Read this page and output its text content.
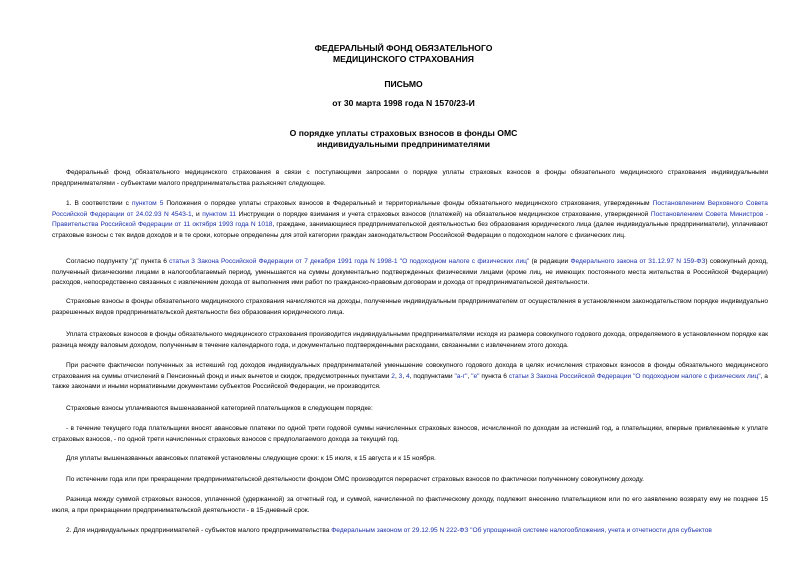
ФЕДЕРАЛЬНЫЙ ФОНД ОБЯЗАТЕЛЬНОГО

МЕДИЦИНСКОГО СТРАХОВАНИЯ

ПИСЬМО

от 30 марта 1998 года N 1570/23-И

О порядке уплаты страховых взносов в фонды ОМС

индивидуальными предпринимателями

Федеральный фонд обязательного медицинского страхования в связи с поступающими запросами о порядке уплаты страховых взносов в фонды обязательного медицинского страхования индивидуальными предпринимателями - субъектами малого предпринимательства разъясняет следующее.

1. В соответствии с пунктом 5 Положения о порядке уплаты страховых взносов в Федеральный и территориальные фонды обязательного медицинского страхования, утвержденным Постановлением Верховного Совета Российской Федерации от 24.02.93 N 4543-1, и пунктом 11 Инструкции о порядке взимания и учета страховых взносов (платежей) на обязательное медицинское страхование, утвержденной Постановлением Совета Министров - Правительства Российской Федерации от 11 октября 1993 года N 1018, граждане, занимающиеся предпринимательской деятельностью без образования юридического лица (далее индивидуальные предприниматели), уплачивают страховые взносы с тех видов доходов и в те сроки, которые определены для этой категории граждан законодательством Российской Федерации о подоходном налоге с физических лиц.

Согласно подпункту "д" пункта 6 статьи 3 Закона Российской Федерации от 7 декабря 1991 года N 1998-1 "О подоходном налоге с физических лиц" (в редакции Федерального закона от 31.12.97 N 159-ФЗ) совокупный доход, полученный физическими лицами в налогооблагаемый период, уменьшается на суммы документально подтвержденных физическими лицами (кроме лиц, не имеющих постоянного места жительства в Российской Федерации) расходов, непосредственно связанных с извлечением дохода от выполнения ими работ по гражданско-правовым договорам и дохода от предпринимательской деятельности.

Страховые взносы в фонды обязательного медицинского страхования начисляются на доходы, полученные индивидуальным предпринимателем от осуществления в установленном законодательством порядке индивидуально разрешенных видов предпринимательской деятельности без образования юридического лица.

Уплата страховых взносов в фонды обязательного медицинского страхования производится индивидуальными предпринимателями исходя из размера совокупного годового дохода, определяемого в установленном порядке как разница между валовым доходом, полученным в течение календарного года, и документально подтвержденными расходами, связанными с извлечением этого дохода.

При расчете фактически полученных за истекший год доходов индивидуальных предпринимателей уменьшение совокупного годового дохода в целях исчисления страховых взносов в фонды обязательного медицинского страхования на суммы отчислений в Пенсионный фонд и иных вычетов и скидок, предусмотренных пунктами 2, 3, 4, подпунктами "а-г", "е" пункта 6 статьи 3 Закона Российской Федерации "О подоходном налоге с физических лиц", а также законами и иными нормативными документами субъектов Российской Федерации, не производится.

Страховые взносы уплачиваются вышеназванной категорией плательщиков в следующем порядке:

- в течение текущего года плательщики вносят авансовые платежи по одной трети годовой суммы начисленных страховых взносов, исчисленной по доходам за истекший год, а плательщики, впервые привлекаемые к уплате страховых взносов, - по одной трети начисленных страховых взносов с предполагаемого дохода за текущий год.

Для уплаты вышеназванных авансовых платежей установлены следующие сроки: к 15 июля, к 15 августа и к 15 ноября.

По истечении года или при прекращении предпринимательской деятельности фондом ОМС производится перерасчет страховых взносов по фактически полученному совокупному доходу.

Разница между суммой страховых взносов, уплаченной (удержанной) за отчетный год, и суммой, начисленной по фактическому доходу, подлежит внесению плательщиком или по его заявлению возврату ему не позднее 15 июля, а при прекращении предпринимательской деятельности - в 15-дневный срок.

2. Для индивидуальных предпринимателей - субъектов малого предпринимательства Федеральным законом от 29.12.95 N 222-ФЗ "Об упрощенной системе налогообложения, учета и отчетности для субъектов
